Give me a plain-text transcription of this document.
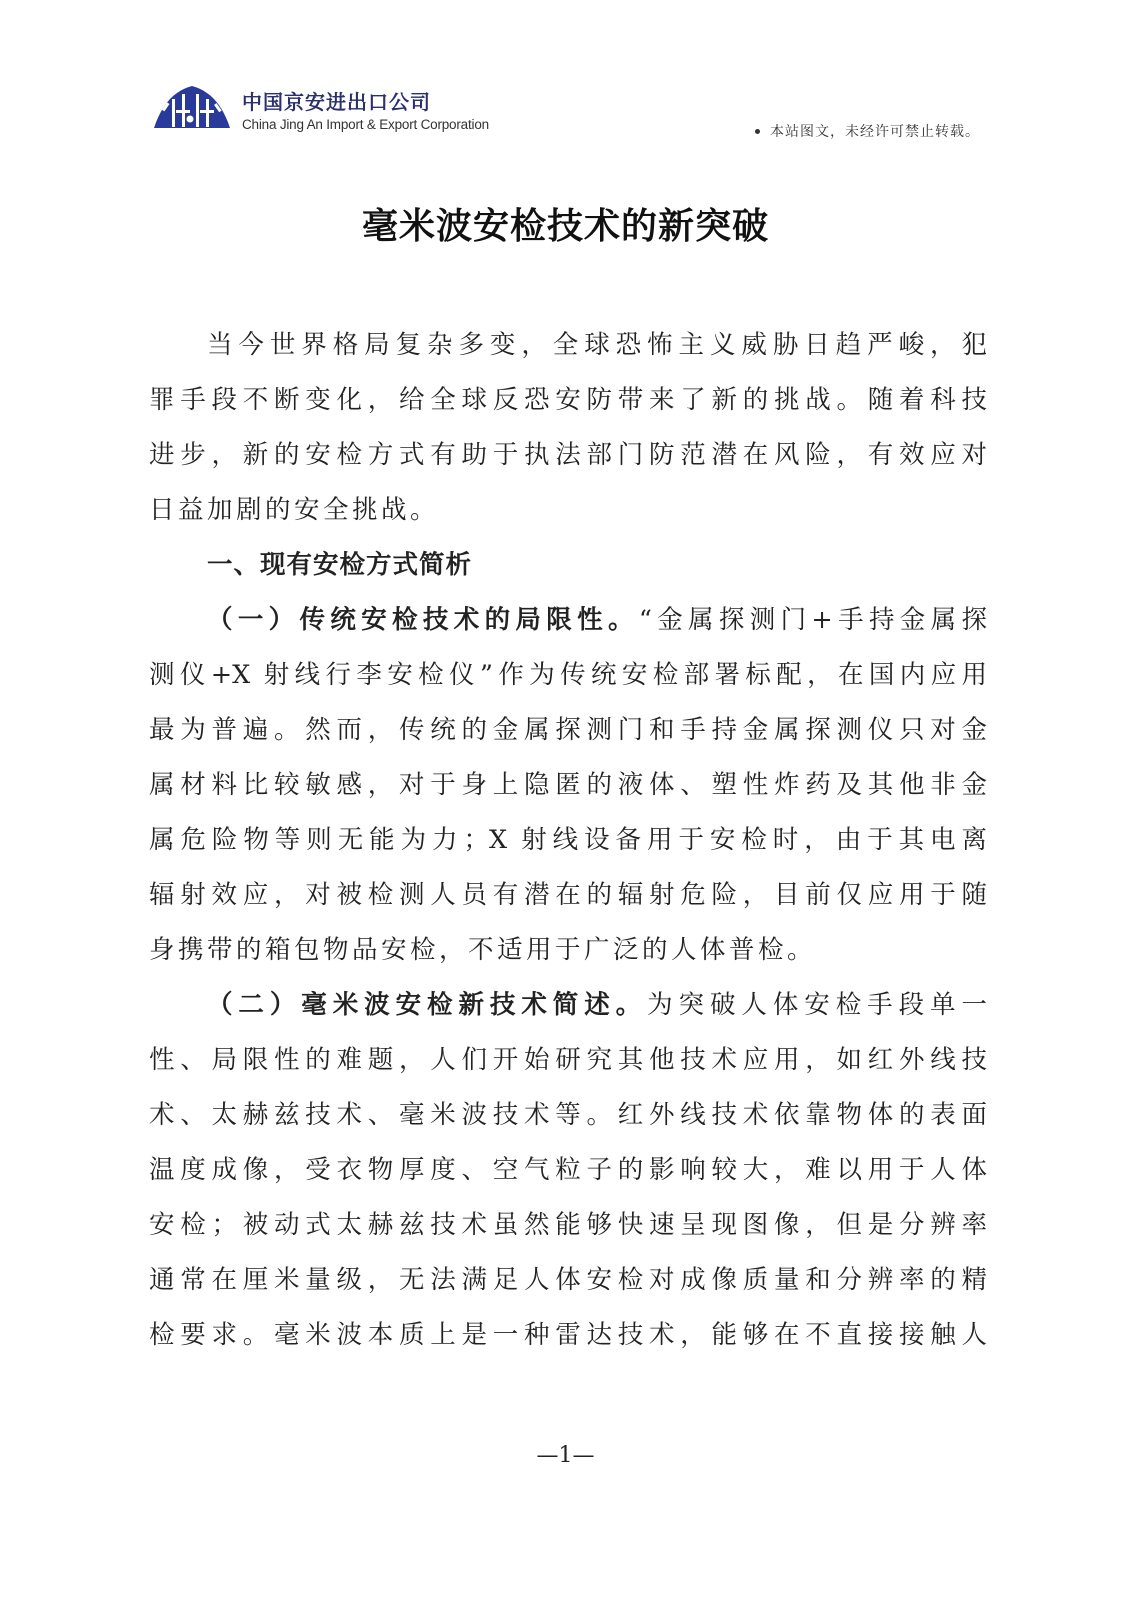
中国京安进出口公司
China Jing An Import & Export Corporation	本站图文，未经许可禁止转载。
毫米波安检技术的新突破
当今世界格局复杂多变，全球恐怖主义威胁日趋严峻，犯
罪手段不断变化，给全球反恐安防带来了新的挑战。随着科技
进步，新的安检方式有助于执法部门防范潜在风险，有效应对
日益加剧的安全挑战。
一、现有安检方式简析
（一）传统安检技术的局限性。“金属探测门+手持金属探
测仪+X 射线行李安检仪”作为传统安检部署标配，在国内应用
最为普遍。然而，传统的金属探测门和手持金属探测仪只对金
属材料比较敏感，对于身上隐匿的液体、塑性炸药及其他非金
属危险物等则无能为力；X 射线设备用于安检时，由于其电离
辐射效应，对被检测人员有潜在的辐射危险，目前仅应用于随
身携带的箱包物品安检，不适用于广泛的人体普检。
（二）毫米波安检新技术简述。为突破人体安检手段单一
性、局限性的难题，人们开始研究其他技术应用，如红外线技
术、太赫兹技术、毫米波技术等。红外线技术依靠物体的表面
温度成像，受衣物厚度、空气粒子的影响较大，难以用于人体
安检；被动式太赫兹技术虽然能够快速呈现图像，但是分辨率
通常在厘米量级，无法满足人体安检对成像质量和分辨率的精
检要求。毫米波本质上是一种雷达技术，能够在不直接接触人
—1—
